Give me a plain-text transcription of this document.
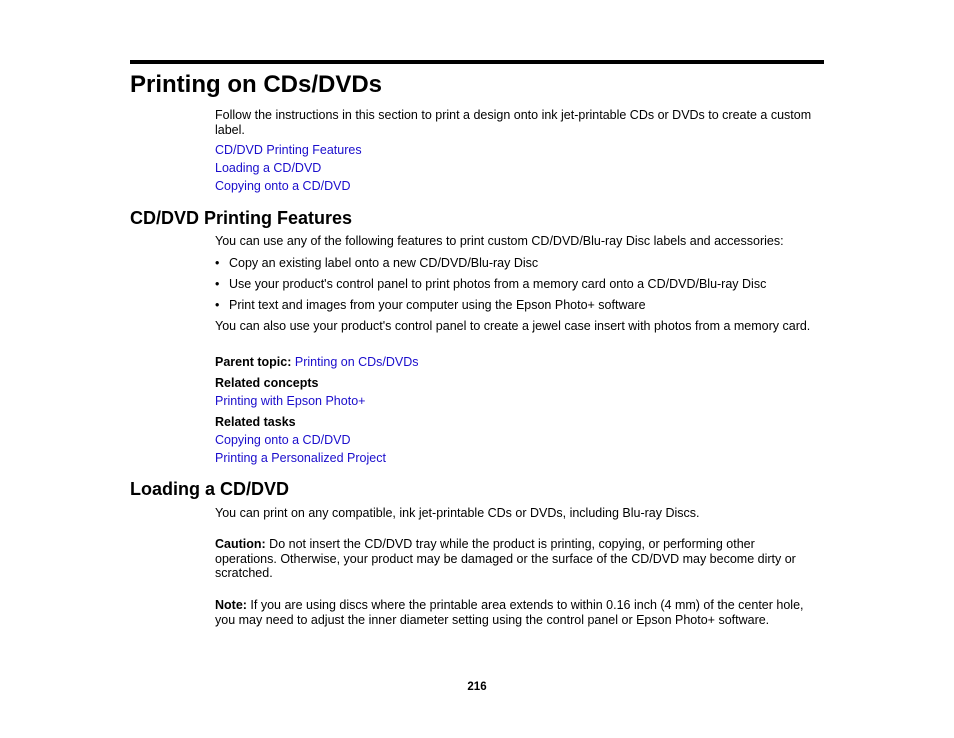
Printing on CDs/DVDs

Follow the instructions in this section to print a design onto ink jet-printable CDs or DVDs to create a custom label.

CD/DVD Printing Features
Loading a CD/DVD
Copying onto a CD/DVD
CD/DVD Printing Features

You can use any of the following features to print custom CD/DVD/Blu-ray Disc labels and accessories:

• Copy an existing label onto a new CD/DVD/Blu-ray Disc
• Use your product's control panel to print photos from a memory card onto a CD/DVD/Blu-ray Disc
• Print text and images from your computer using the Epson Photo+ software

You can also use your product's control panel to create a jewel case insert with photos from a memory card.

Parent topic: Printing on CDs/DVDs

Related concepts

Printing with Epson Photo+

Related tasks

Copying onto a CD/DVD
Printing a Personalized Project
Loading a CD/DVD

You can print on any compatible, ink jet-printable CDs or DVDs, including Blu-ray Discs.

Caution: Do not insert the CD/DVD tray while the product is printing, copying, or performing other operations. Otherwise, your product may be damaged or the surface of the CD/DVD may become dirty or scratched.

Note: If you are using discs where the printable area extends to within 0.16 inch (4 mm) of the center hole, you may need to adjust the inner diameter setting using the control panel or Epson Photo+ software.

216
